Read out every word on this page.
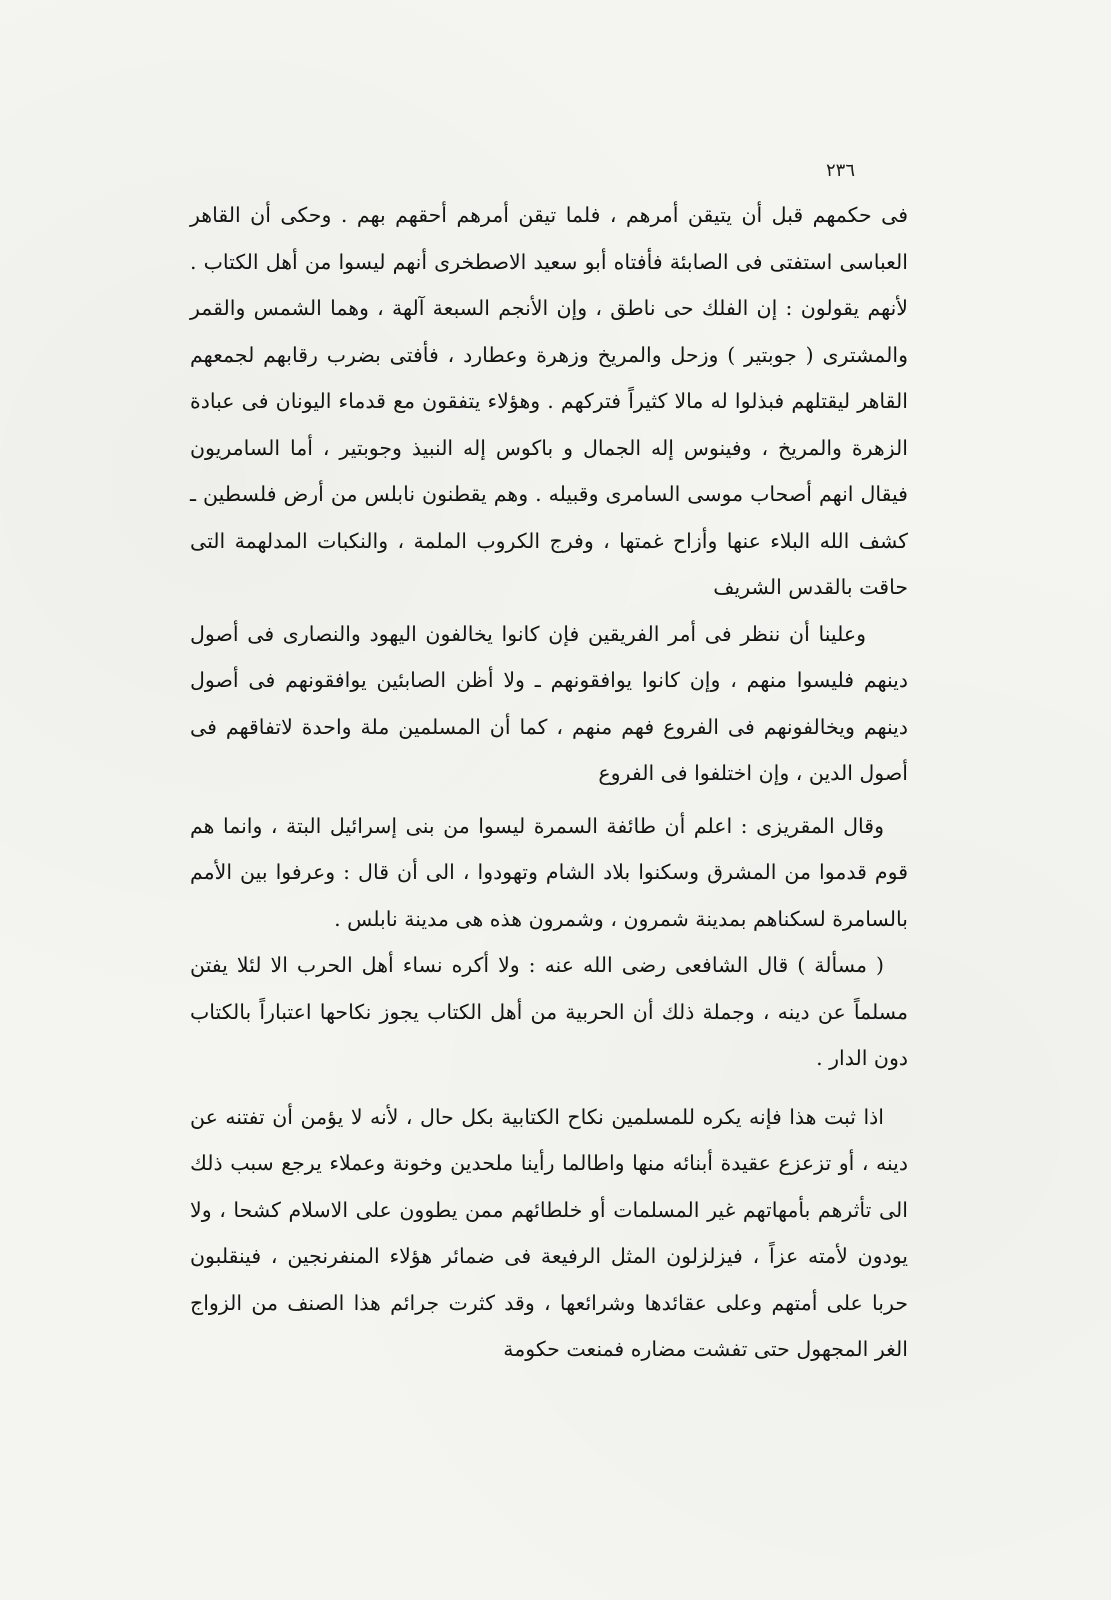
٢٣٦

فى حكمهم قبل أن يتيقن أمرهم ، فلما تيقن أمرهم أحقهم بهم . وحكى أن القاهر العباسى استفتى فى الصابئة فأفتاه أبو سعيد الاصطخرى أنهم ليسوا من أهل الكتاب . لأنهم يقولون : إن الفلك حى ناطق ، وإن الأنجم السبعة آلهة ، وهما الشمس والقمر والمشترى ( جوبتير ) وزحل والمريخ وزهرة وعطارد ، فأفتى بضرب رقابهم لجمعهم القاهر ليقتلهم فبذلوا له مالا كثيراً فتركهم . وهؤلاء يتفقون مع قدماء اليونان فى عبادة الزهرة والمريخ ، وفينوس إله الجمال و باكوس إله النبيذ وجوبتير ، أما السامريون فيقال انهم أصحاب موسى السامرى وقبيله . وهم يقطنون نابلس من أرض فلسطين ـ كشف الله البلاء عنها وأزاح غمتها ، وفرج الكروب الملمة ، والنكبات المدلهمة التى حاقت بالقدس الشريف

وعلينا أن ننظر فى أمر الفريقين فإن كانوا يخالفون اليهود والنصارى فى أصول دينهم فليسوا منهم ، وإن كانوا يوافقونهم ـ ولا أظن الصابئين يوافقونهم فى أصول دينهم ويخالفونهم فى الفروع فهم منهم ، كما أن المسلمين ملة واحدة لاتفاقهم فى أصول الدين ، وإن اختلفوا فى الفروع

وقال المقريزى : اعلم أن طائفة السمرة ليسوا من بنى إسرائيل البتة ، وانما هم قوم قدموا من المشرق وسكنوا بلاد الشام وتهودوا ، الى أن قال : وعرفوا بين الأمم بالسامرة لسكناهم بمدينة شمرون ، وشمرون هذه هى مدينة نابلس .

( مسألة ) قال الشافعى رضى الله عنه : ولا أكره نساء أهل الحرب الا لئلا يفتن مسلماً عن دينه ، وجملة ذلك أن الحربية من أهل الكتاب يجوز نكاحها اعتباراً بالكتاب دون الدار .

اذا ثبت هذا فإنه يكره للمسلمين نكاح الكتابية بكل حال ، لأنه لا يؤمن أن تفتنه عن دينه ، أو تزعزع عقيدة أبنائه منها واطالما رأينا ملحدين وخونة وعملاء يرجع سبب ذلك الى تأثرهم بأمهاتهم غير المسلمات أو خلطائهم ممن يطوون على الاسلام كشحا ، ولا يودون لأمته عزاً ، فيزلزلون المثل الرفيعة فى ضمائر هؤلاء المنفرنجين ، فينقلبون حربا على أمتهم وعلى عقائدها وشرائعها ، وقد كثرت جرائم هذا الصنف من الزواج الغر المجهول حتى تفشت مضاره فمنعت حكومة
